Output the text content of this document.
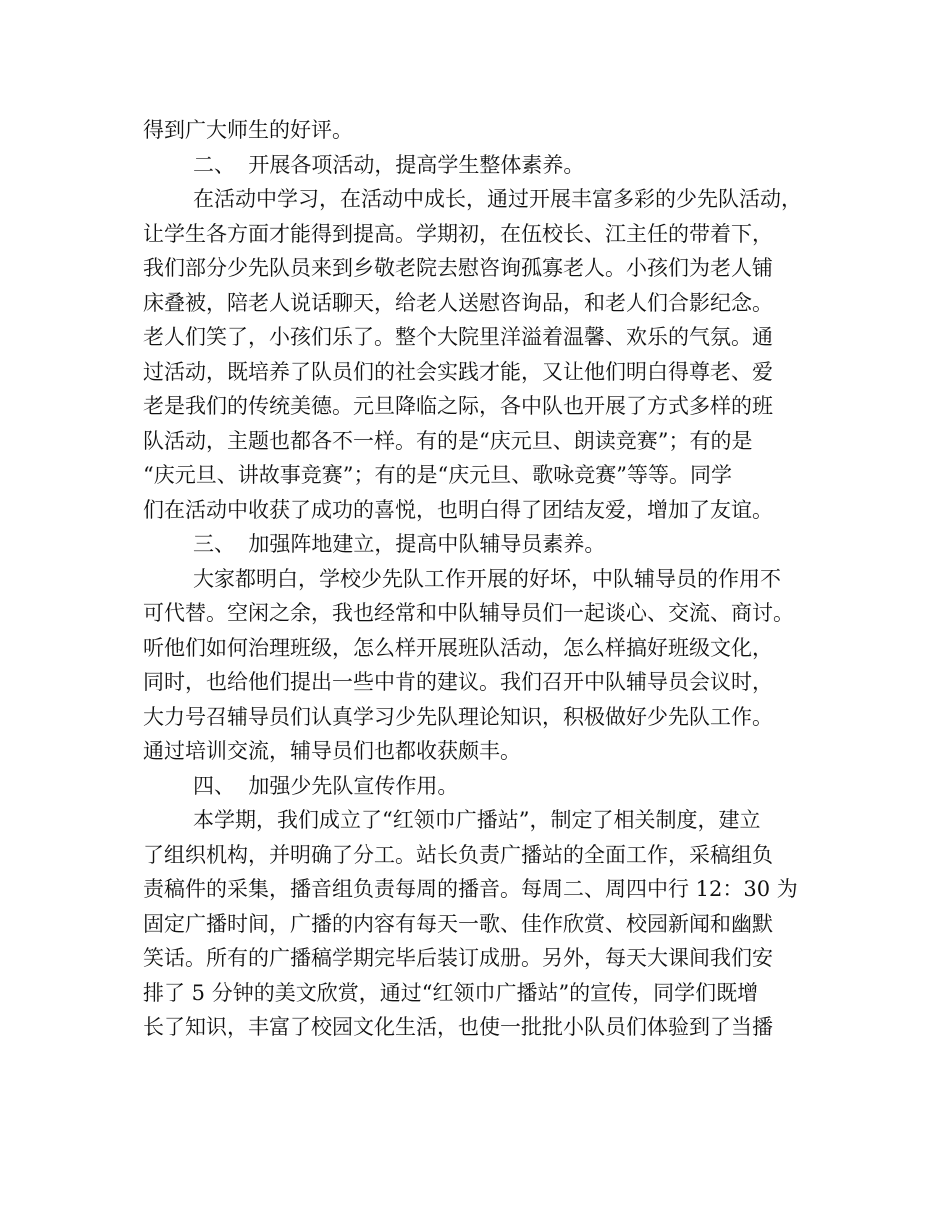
得到广大师生的好评。
二、  开展各项活动，提高学生整体素养。
在活动中学习，在活动中成长，通过开展丰富多彩的少先队活动，
让学生各方面才能得到提高。学期初，在伍校长、江主任的带着下，
我们部分少先队员来到乡敬老院去慰咨询孤寡老人。小孩们为老人铺
床叠被，陪老人说话聊天，给老人送慰咨询品，和老人们合影纪念。
老人们笑了，小孩们乐了。整个大院里洋溢着温馨、欢乐的气氛。通
过活动，既培养了队员们的社会实践才能，又让他们明白得尊老、爱
老是我们的传统美德。元旦降临之际，各中队也开展了方式多样的班
队活动，主题也都各不一样。有的是“庆元旦、朗读竞赛”；有的是
“庆元旦、讲故事竞赛”；有的是“庆元旦、歌咏竞赛”等等。同学
们在活动中收获了成功的喜悦，也明白得了团结友爱，增加了友谊。
三、  加强阵地建立，提高中队辅导员素养。
大家都明白，学校少先队工作开展的好坏，中队辅导员的作用不
可代替。空闲之余，我也经常和中队辅导员们一起谈心、交流、商讨。
听他们如何治理班级，怎么样开展班队活动，怎么样搞好班级文化，
同时，也给他们提出一些中肯的建议。我们召开中队辅导员会议时，
大力号召辅导员们认真学习少先队理论知识，积极做好少先队工作。
通过培训交流，辅导员们也都收获颇丰。
四、  加强少先队宣传作用。
本学期，我们成立了“红领巾广播站”，制定了相关制度，建立
了组织机构，并明确了分工。站长负责广播站的全面工作，采稿组负
责稿件的采集，播音组负责每周的播音。每周二、周四中行 12：30 为
固定广播时间，广播的内容有每天一歌、佳作欣赏、校园新闻和幽默
笑话。所有的广播稿学期完毕后装订成册。另外，每天大课间我们安
排了 5 分钟的美文欣赏，通过“红领巾广播站”的宣传，同学们既增
长了知识，丰富了校园文化生活，也使一批批小队员们体验到了当播
